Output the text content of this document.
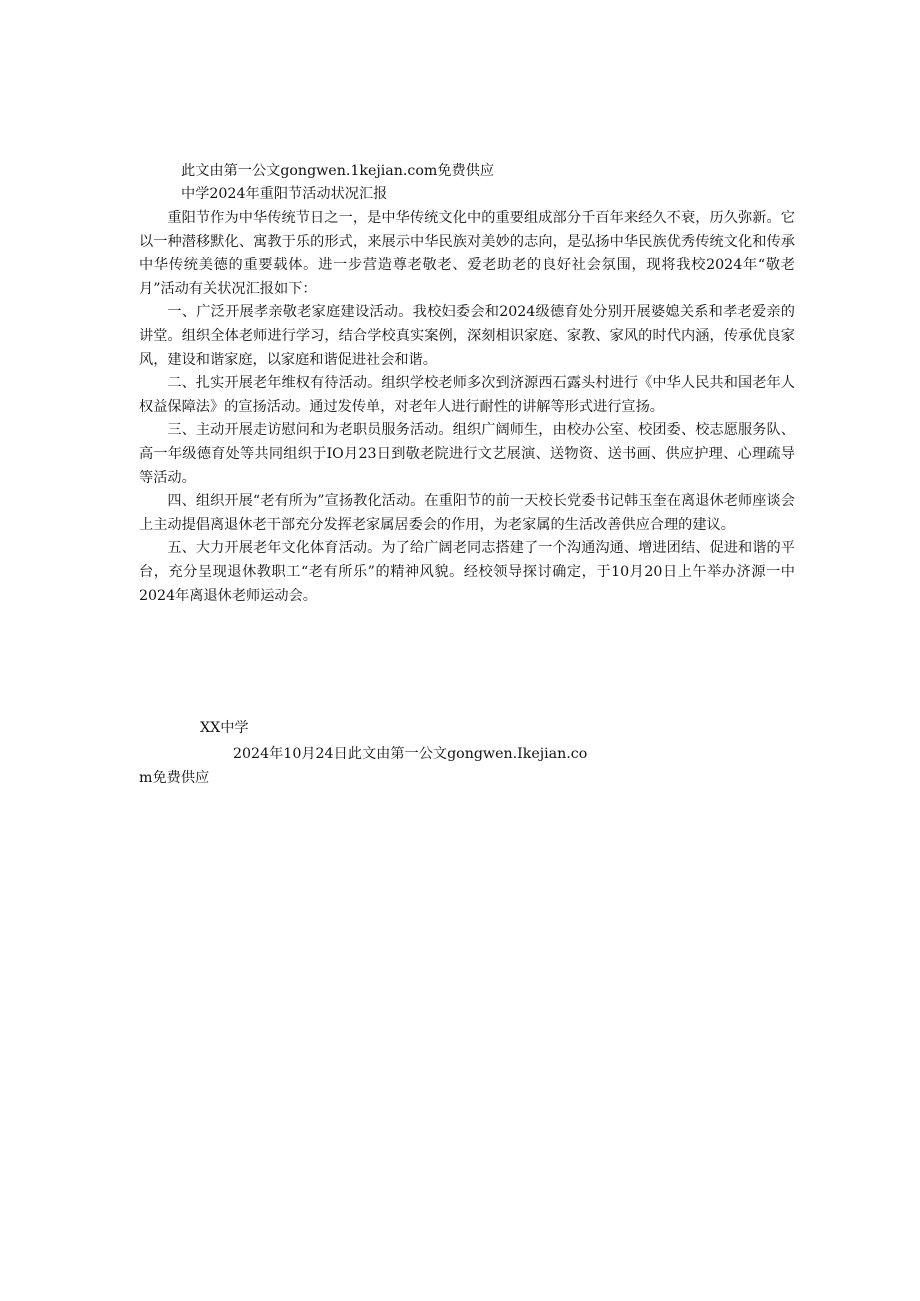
此文由第一公文gongwen.1kejian.com免费供应
中学2024年重阳节活动状况汇报

重阳节作为中华传统节日之一，是中华传统文化中的重要组成部分千百年来经久不衰，历久弥新。它以一种潜移默化、寓教于乐的形式，来展示中华民族对美妙的志向，是弘扬中华民族优秀传统文化和传承中华传统美德的重要载体。进一步营造尊老敬老、爱老助老的良好社会氛围，现将我校2024年“敬老月”活动有关状况汇报如下：

一、广泛开展孝亲敬老家庭建设活动。我校妇委会和2024级德育处分别开展婆媳关系和孝老爱亲的讲堂。组织全体老师进行学习，结合学校真实案例，深刻相识家庭、家教、家风的时代内涵，传承优良家风，建设和谐家庭，以家庭和谐促进社会和谐。

二、扎实开展老年维权有待活动。组织学校老师多次到济源西石露头村进行《中华人民共和国老年人权益保障法》的宣扬活动。通过发传单，对老年人进行耐性的讲解等形式进行宣扬。

三、主动开展走访慰问和为老职员服务活动。组织广阔师生，由校办公室、校团委、校志愿服务队、高一年级德育处等共同组织于IO月23日到敬老院进行文艺展演、送物资、送书画、供应护理、心理疏导等活动。

四、组织开展“老有所为”宣扬教化活动。在重阳节的前一天校长党委书记韩玉奎在离退休老师座谈会上主动提倡离退休老干部充分发挥老家属居委会的作用，为老家属的生活改善供应合理的建议。

五、大力开展老年文化体育活动。为了给广阔老同志搭建了一个沟通沟通、增进团结、促进和谐的平台，充分呈现退休教职工“老有所乐”的精神风貌。经校领导探讨确定，于10月20日上午举办济源一中2024年离退休老师运动会。

XX中学
2024年10月24日此文由第一公文gongwen.Ikejian.co
m免费供应
